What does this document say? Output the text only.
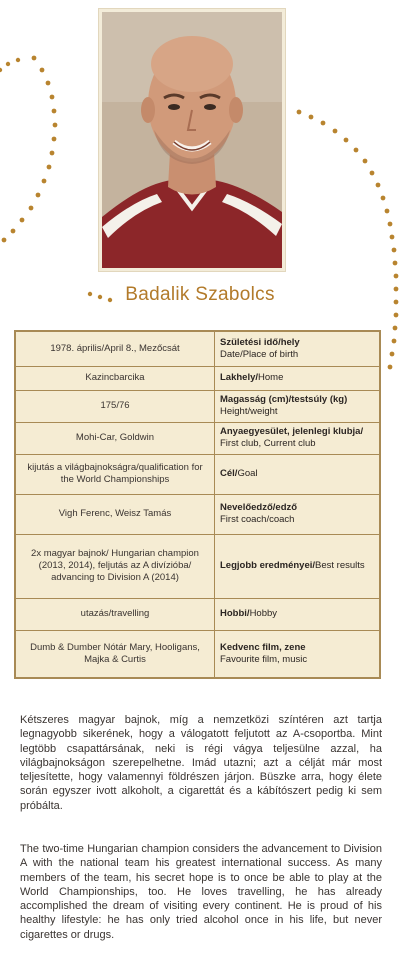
Badalik Szabolcs
1978. április/April 8., Mezőcsát	Születési idő/hely
Date/Place of birth
Kazincbarcika	Lakhely/Home
175/76	Magasság (cm)/testsúly (kg)
Height/weight
Mohi-Car, Goldwin	Anyaegyesület, jelenlegi klubja/
First club, Current club
kijutás a világbajnokságra/qualification for the World Championships	Cél/Goal
Vigh Ferenc, Weisz Tamás	Nevelőedző/edző
First coach/coach
2x magyar bajnok/ Hungarian champion (2013, 2014), feljutás az A divízióba/ advancing to Division A (2014)	Legjobb eredményei/Best results
utazás/travelling	Hobbi/Hobby
Dumb & Dumber Nótár Mary, Hooligans, Majka & Curtis	Kedvenc film, zene
Favourite film, music

Kétszeres magyar bajnok, míg a nemzetközi színtéren azt tartja legnagyobb sikerének, hogy a válogatott feljutott az A-csoportba. Mint legtöbb csapattársának, neki is régi vágya teljesülne azzal, ha világbajnokságon szerepelhetne. Imád utazni; azt a célját már most teljesítette, hogy valamennyi földrészen járjon. Büszke arra, hogy élete során egyszer ivott alkoholt, a cigarettát és a kábítószert pedig ki sem próbálta.

The two-time Hungarian champion considers the advancement to Division A with the national team his greatest international success. As many members of the team, his secret hope is to once be able to play at the World Championships, too. He loves travelling, he has already accomplished the dream of visiting every continent. He is proud of his healthy lifestyle: he has only tried alcohol once in his life, but never cigarettes or drugs.
